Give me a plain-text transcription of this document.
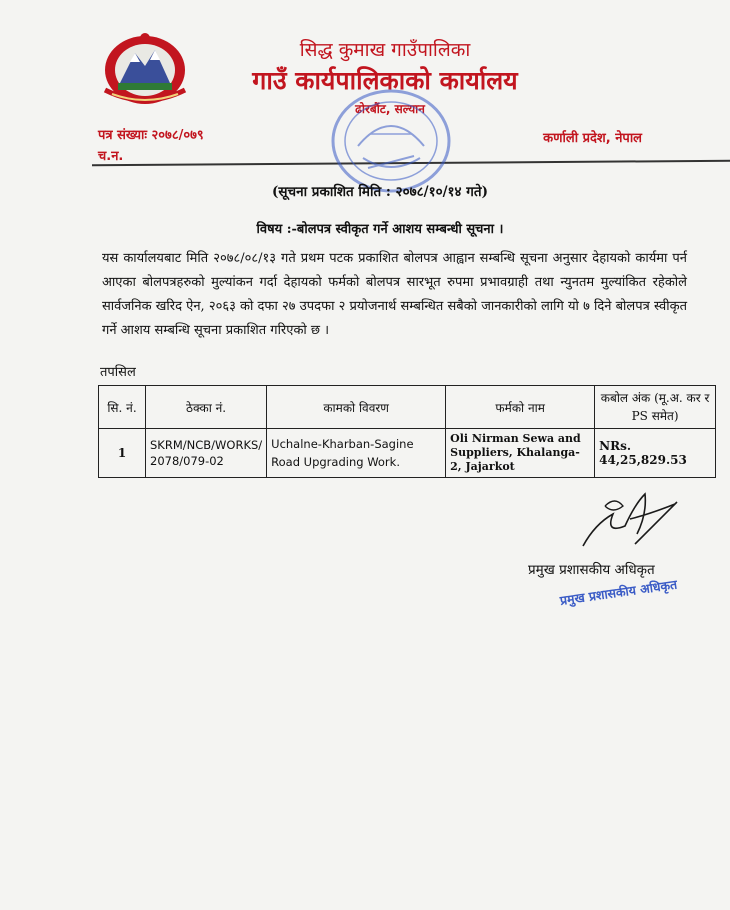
सिद्ध कुमाख गाउँपालिका
गाउँ कार्यपालिकाको कार्यालय
ढोरबौंट, सल्यान
पत्र संख्याः २०७८/०७९
च.न.
कर्णाली प्रदेश, नेपाल
(सूचना प्रकाशित मिति : २०७८/१०/१४ गते)
विषय :-बोलपत्र स्वीकृत गर्ने आशय सम्बन्धी सूचना ।
यस कार्यालयबाट मिति २०७८/०८/१३ गते प्रथम पटक प्रकाशित बोलपत्र आह्वान सम्बन्धि सूचना अनुसार देहायको कार्यमा पर्न आएका बोलपत्रहरुको मुल्यांकन गर्दा देहायको फर्मको बोलपत्र सारभूत रुपमा प्रभावग्राही तथा न्युनतम मुल्यांकित रहेकोले सार्वजनिक खरिद ऐन, २०६३ को दफा २७ उपदफा २ प्रयोजनार्थ सम्बन्धित सबैको जानकारीको लागि यो ७ दिने बोलपत्र स्वीकृत गर्ने आशय सम्बन्धि सूचना प्रकाशित गरिएको छ ।
तपसिल
सि. नं.	ठेक्का नं.	कामको विवरण	फर्मको नाम	कबोल अंक (मू.अ. कर र PS समेत)
1	SKRM/NCB/WORKS/ 2078/079-02	Uchalne-Kharban-Sagine Road Upgrading Work.	Oli Nirman Sewa and Suppliers, Khalanga-2, Jajarkot	NRs. 44,25,829.53
प्रमुख प्रशासकीय अधिकृत
प्रमुख प्रशासकीय अधिकृत
